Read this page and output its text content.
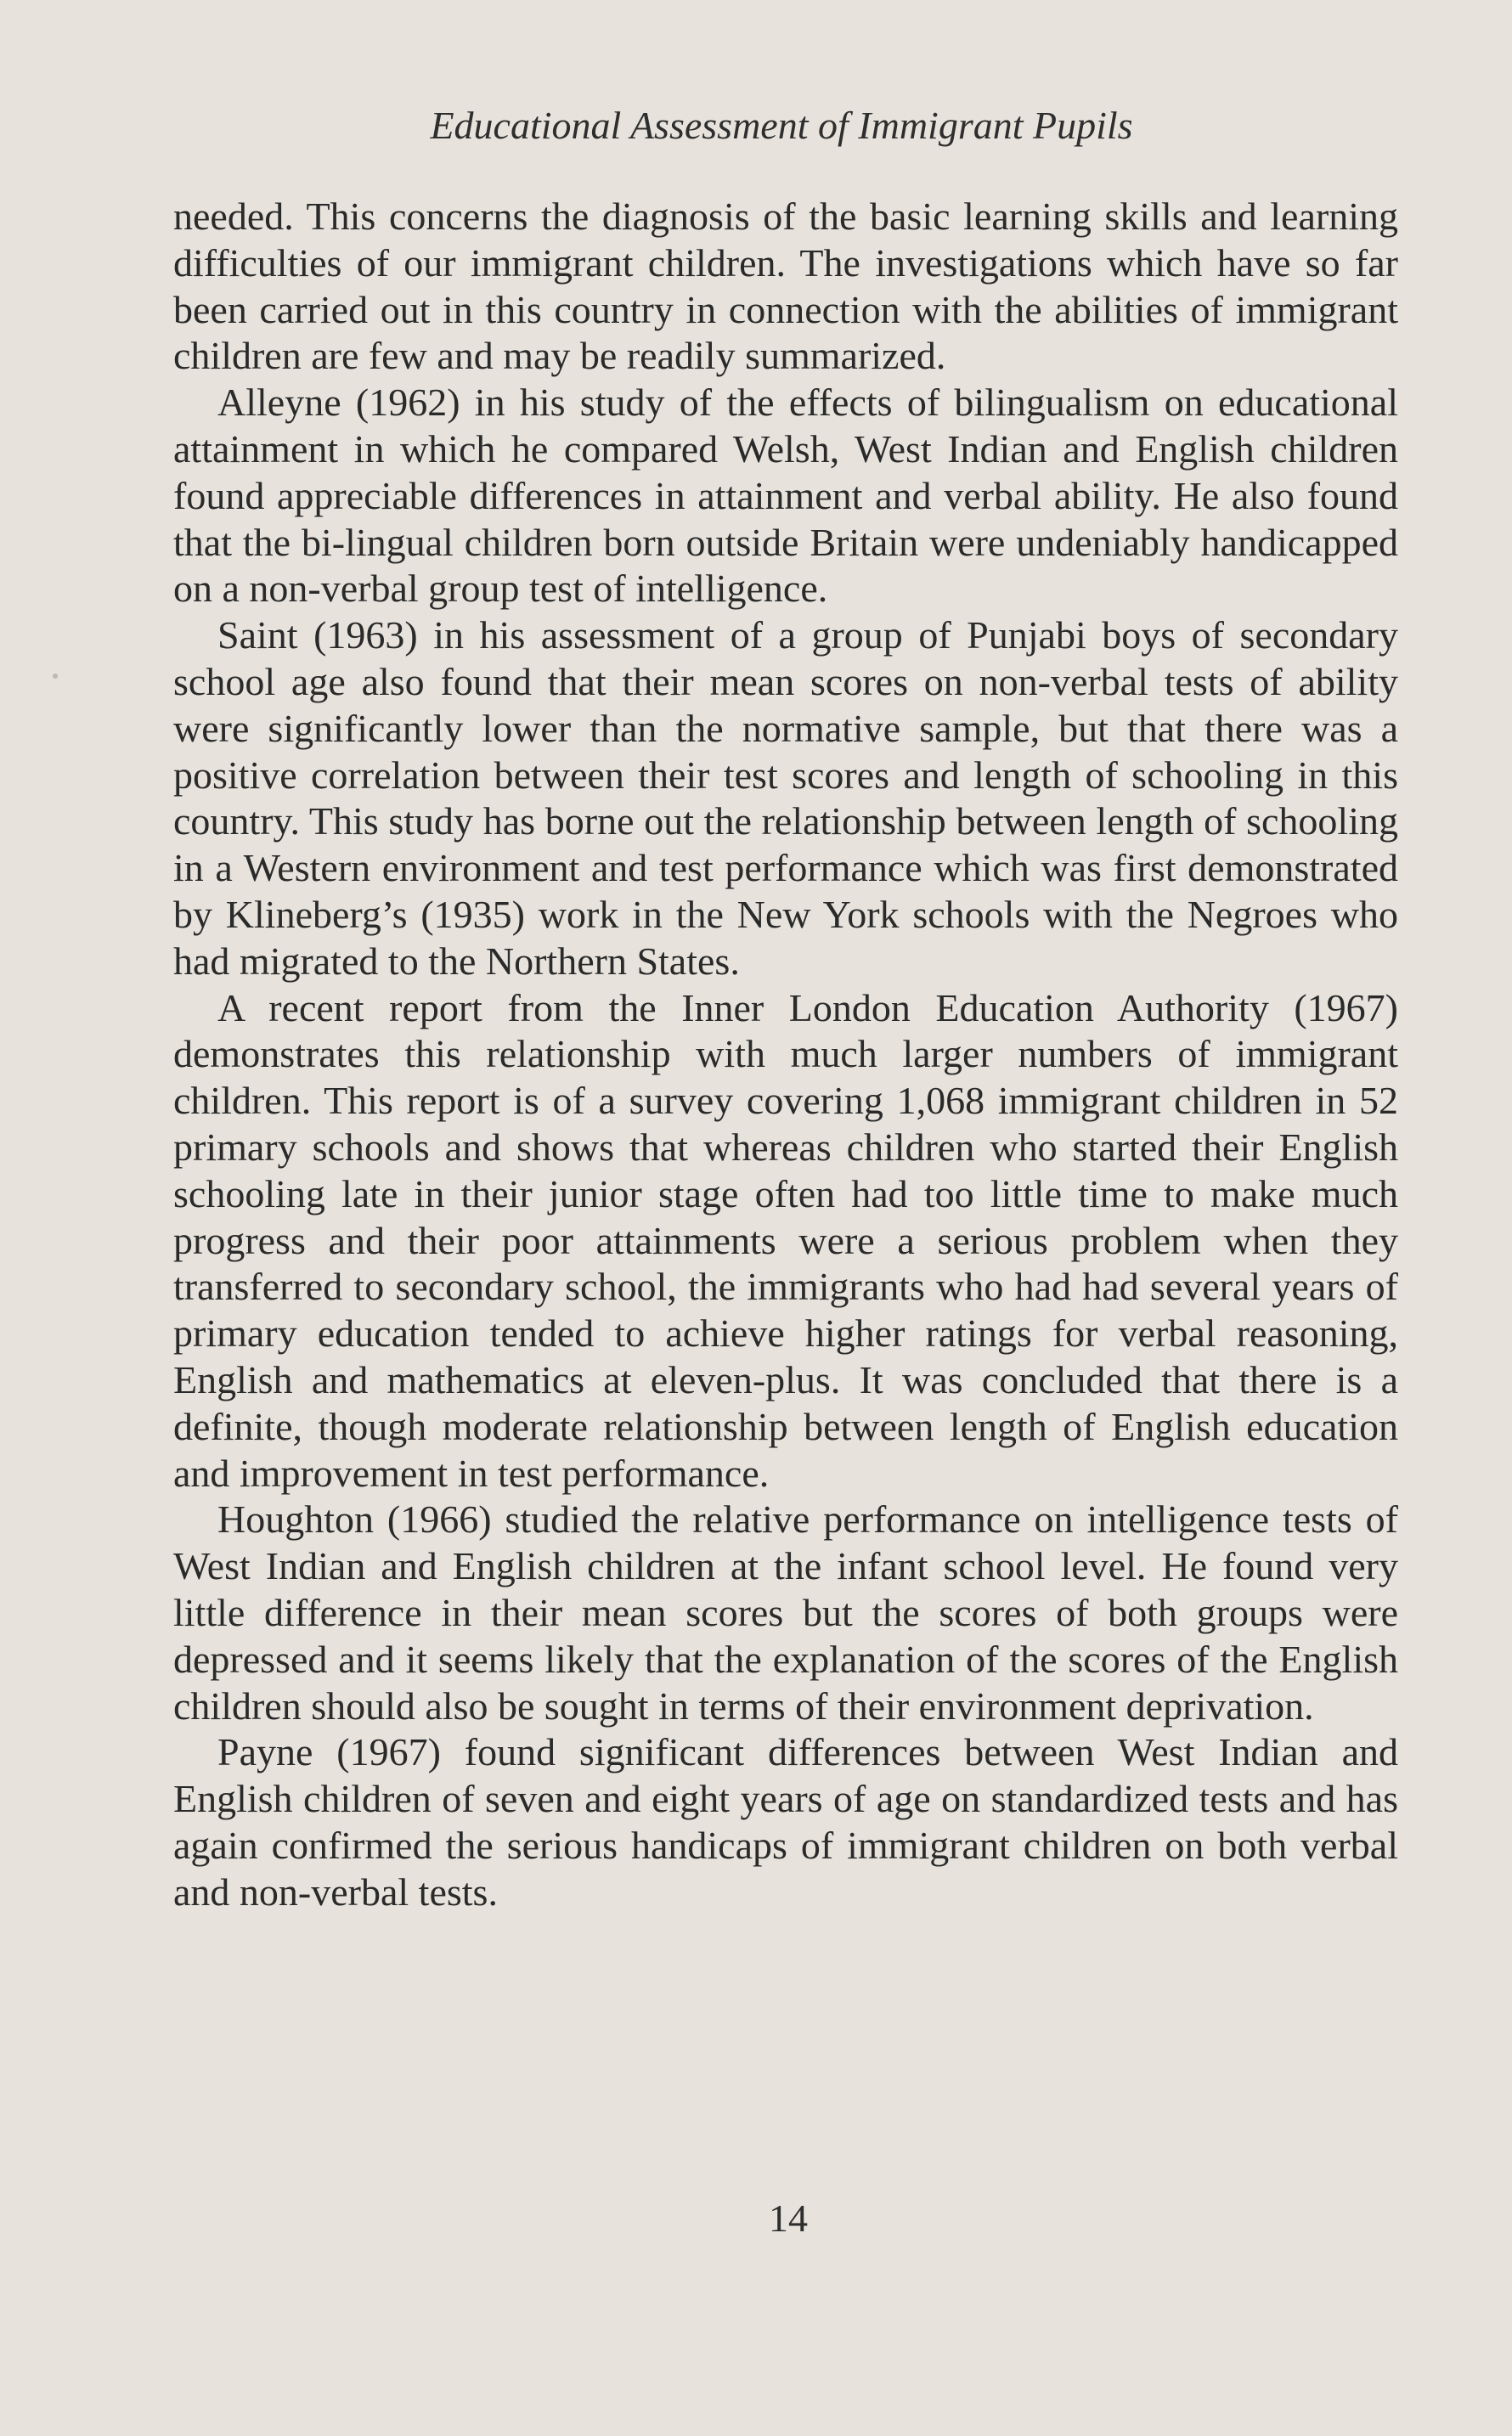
Educational Assessment of Immigrant Pupils

needed. This concerns the diagnosis of the basic learning skills and learning difficulties of our immigrant children. The investigations which have so far been carried out in this country in connection with the abilities of immigrant children are few and may be readily summarized.

Alleyne (1962) in his study of the effects of bilingualism on educational attainment in which he compared Welsh, West Indian and English children found appreciable differences in attainment and verbal ability. He also found that the bi-lingual children born outside Britain were undeniably handicapped on a non-verbal group test of intelligence.

Saint (1963) in his assessment of a group of Punjabi boys of secondary school age also found that their mean scores on non-verbal tests of ability were significantly lower than the normative sample, but that there was a positive correlation between their test scores and length of schooling in this country. This study has borne out the relationship between length of schooling in a Western environment and test performance which was first demonstrated by Klineberg’s (1935) work in the New York schools with the Negroes who had migrated to the Northern States.

A recent report from the Inner London Education Authority (1967) demonstrates this relationship with much larger numbers of immigrant children. This report is of a survey covering 1,068 immigrant children in 52 primary schools and shows that whereas children who started their English schooling late in their junior stage often had too little time to make much progress and their poor attainments were a serious problem when they transferred to secondary school, the immigrants who had had several years of primary education tended to achieve higher ratings for verbal reasoning, English and mathematics at eleven-plus. It was concluded that there is a definite, though moderate relationship between length of English education and improvement in test performance.

Houghton (1966) studied the relative performance on intelligence tests of West Indian and English children at the infant school level. He found very little difference in their mean scores but the scores of both groups were depressed and it seems likely that the explanation of the scores of the English children should also be sought in terms of their environment deprivation.

Payne (1967) found significant differences between West Indian and English children of seven and eight years of age on standardized tests and has again confirmed the serious handicaps of immigrant children on both verbal and non-verbal tests.

14
